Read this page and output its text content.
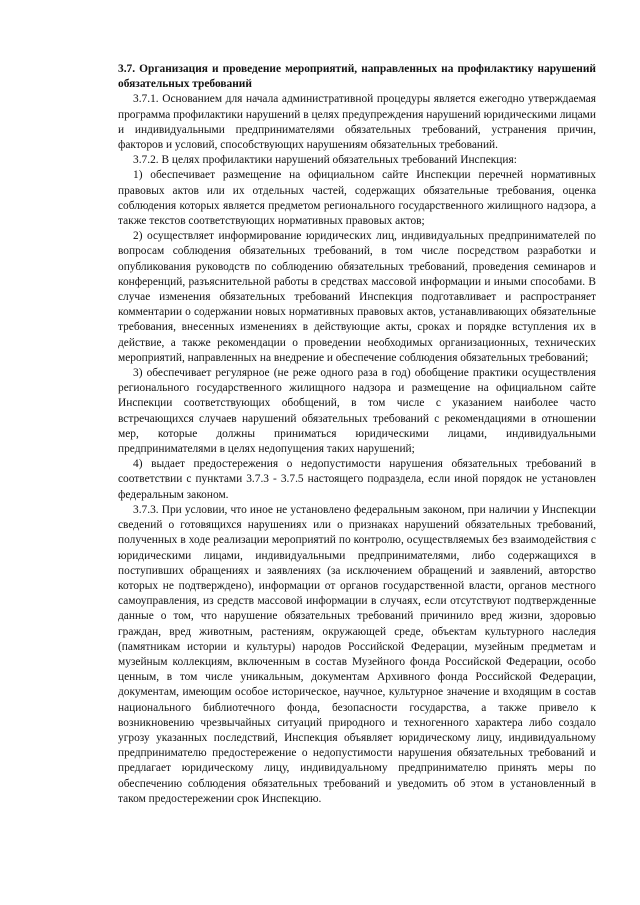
3.7. Организация и проведение мероприятий, направленных на профилактику нарушений обязательных требований

3.7.1. Основанием для начала административной процедуры является ежегодно утверждаемая программа профилактики нарушений в целях предупреждения нарушений юридическими лицами и индивидуальными предпринимателями обязательных требований, устранения причин, факторов и условий, способствующих нарушениям обязательных требований.

3.7.2. В целях профилактики нарушений обязательных требований Инспекция:

1) обеспечивает размещение на официальном сайте Инспекции перечней нормативных правовых актов или их отдельных частей, содержащих обязательные требования, оценка соблюдения которых является предметом регионального государственного жилищного надзора, а также текстов соответствующих нормативных правовых актов;

2) осуществляет информирование юридических лиц, индивидуальных предпринимателей по вопросам соблюдения обязательных требований, в том числе посредством разработки и опубликования руководств по соблюдению обязательных требований, проведения семинаров и конференций, разъяснительной работы в средствах массовой информации и иными способами. В случае изменения обязательных требований Инспекция подготавливает и распространяет комментарии о содержании новых нормативных правовых актов, устанавливающих обязательные требования, внесенных изменениях в действующие акты, сроках и порядке вступления их в действие, а также рекомендации о проведении необходимых организационных, технических мероприятий, направленных на внедрение и обеспечение соблюдения обязательных требований;

3) обеспечивает регулярное (не реже одного раза в год) обобщение практики осуществления регионального государственного жилищного надзора и размещение на официальном сайте Инспекции соответствующих обобщений, в том числе с указанием наиболее часто встречающихся случаев нарушений обязательных требований с рекомендациями в отношении мер, которые должны приниматься юридическими лицами, индивидуальными предпринимателями в целях недопущения таких нарушений;

4) выдает предостережения о недопустимости нарушения обязательных требований в соответствии с пунктами 3.7.3 - 3.7.5 настоящего подраздела, если иной порядок не установлен федеральным законом.

3.7.3. При условии, что иное не установлено федеральным законом, при наличии у Инспекции сведений о готовящихся нарушениях или о признаках нарушений обязательных требований, полученных в ходе реализации мероприятий по контролю, осуществляемых без взаимодействия с юридическими лицами, индивидуальными предпринимателями, либо содержащихся в поступивших обращениях и заявлениях (за исключением обращений и заявлений, авторство которых не подтверждено), информации от органов государственной власти, органов местного самоуправления, из средств массовой информации в случаях, если отсутствуют подтвержденные данные о том, что нарушение обязательных требований причинило вред жизни, здоровью граждан, вред животным, растениям, окружающей среде, объектам культурного наследия (памятникам истории и культуры) народов Российской Федерации, музейным предметам и музейным коллекциям, включенным в состав Музейного фонда Российской Федерации, особо ценным, в том числе уникальным, документам Архивного фонда Российской Федерации, документам, имеющим особое историческое, научное, культурное значение и входящим в состав национального библиотечного фонда, безопасности государства, а также привело к возникновению чрезвычайных ситуаций природного и техногенного характера либо создало угрозу указанных последствий, Инспекция объявляет юридическому лицу, индивидуальному предпринимателю предостережение о недопустимости нарушения обязательных требований и предлагает юридическому лицу, индивидуальному предпринимателю принять меры по обеспечению соблюдения обязательных требований и уведомить об этом в установленный в таком предостережении срок Инспекцию.
